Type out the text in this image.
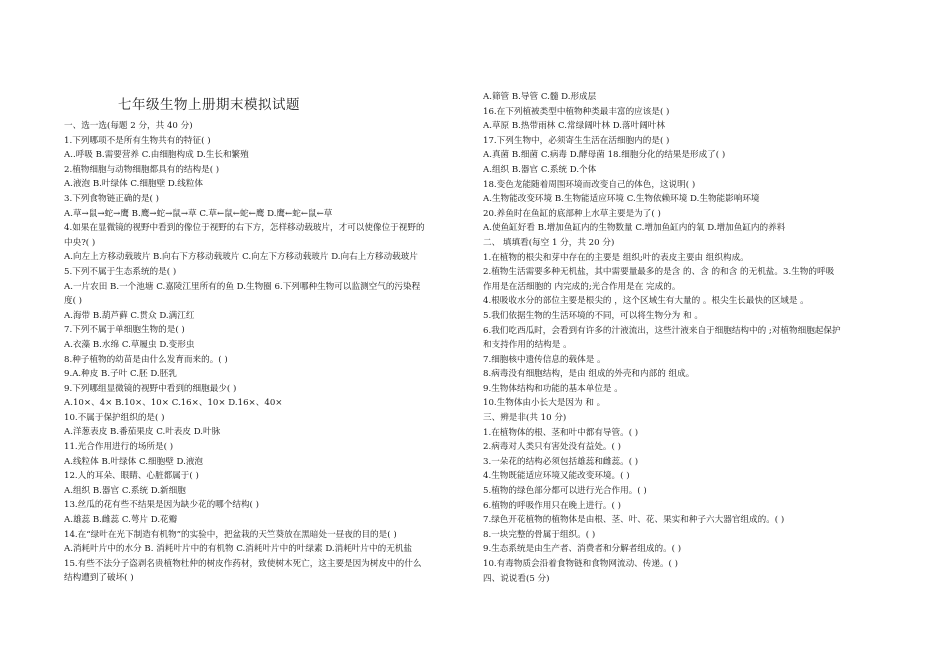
七年级生物上册期末模拟试题
一、选一选(每题 2 分，共 40 分)
1.下列哪项不是所有生物共有的特征( )
A..呼吸 B.需要营养 C.由细胞构成 D.生长和繁殖
2.植物细胞与动物细胞都具有的结构是( )
A.液泡 B.叶绿体 C.细胞壁 D.线粒体
3.下列食物链正确的是( )
A.草→鼠→蛇→鹰 B.鹰→蛇→鼠→草 C.草←鼠←蛇←鹰 D.鹰←蛇←鼠←草
4.如果在显微镜的视野中看到的像位于视野的右下方，怎样移动载玻片，才可以使像位于视野的
中央?( )
A.向左上方移动载玻片 B.向右下方移动载玻片 C.向左下方移动载玻片 D.向右上方移动载玻片
5.下列不属于生态系统的是( )
A.一片农田 B.一个池塘 C.嘉陵江里所有的鱼 D.生物圈 6.下列哪种生物可以监测空气的污染程
度( )
A.海带 B.葫芦藓 C.贯众 D.满江红
7.下列不属于单细胞生物的是( )
A.衣藻 B.水绵 C.草履虫 D.变形虫
8.种子植物的幼苗是由什么发育而来的。( )
9.A.种皮 B.子叶 C.胚 D.胚乳
9.下列哪组显微镜的视野中看到的细胞最少( )
A.10×、4× B.10×、10× C.16×、10× D.16×、40×
10.不属于保护组织的是( )
A.洋葱表皮 B.番茄果皮 C.叶表皮 D.叶脉
11.光合作用进行的场所是( )
A.线粒体 B.叶绿体 C.细胞壁 D.液泡
12.人的耳朵、眼睛、心脏都属于( )
A.组织 B.器官 C.系统 D.新细胞
13.丝瓜的花有些不结果是因为缺少花的哪个结构( )
A.雄蕊 B.雌蕊 C.萼片 D.花瓣
14.在“绿叶在光下制造有机物”的实验中，把盆栽的天竺葵放在黑暗处一昼夜的目的是( )
A.消耗叶片中的水分 B. 消耗叶片中的有机物 C.消耗叶片中的叶绿素 D.消耗叶片中的无机盐
15.有些不法分子盗剥名贵植物杜仲的树皮作药材，致使树木死亡，这主要是因为树皮中的什么
结构遭到了破坏( )
A.筛管 B.导管 C.髓 D.形成层
16.在下列植被类型中植物种类最丰富的应该是( )
A.草原 B.热带雨林 C.常绿阔叶林 D.落叶阔叶林
17.下列生物中，必须寄生生活在活细胞内的是( )
A.真菌 B.细菌 C.病毒 D.酵母菌 18.细胞分化的结果是形成了( )
A.组织 B.器官 C.系统 D.个体
18.变色龙能随着周围环境而改变自己的体色，这说明( )
A.生物能改变环境 B.生物能适应环境 C.生物依赖环境 D.生物能影响环境
20.养鱼时在鱼缸的底部种上水草主要是为了( )
A.使鱼缸好看 B.增加鱼缸内的生物数量 C.增加鱼缸内的氧 D.增加鱼缸内的养料
二、 填填看(每空 1 分，共 20 分)
1.在植物的根尖和芽中存在的主要是 组织;叶的表皮主要由 组织构成。
2.植物生活需要多种无机盐，其中需要量最多的是含 的、含 的和含 的无机盐。3.生物的呼吸
作用是在活细胞的 内完成的;光合作用是在 完成的。
4.根吸收水分的部位主要是根尖的 ，这个区域生有大量的 。根尖生长最快的区域是 。
5.我们依据生物的生活环境的不同，可以将生物分为 和 。
6.我们吃西瓜时，会看到有许多的汁液流出，这些汁液来自于细胞结构中的 ;对植物细胞起保护
和支持作用的结构是 。
7.细胞核中遗传信息的载体是 。
8.病毒没有细胞结构，是由 组成的外壳和内部的 组成。
9.生物体结构和功能的基本单位是 。
10.生物体由小长大是因为 和 。
三、辨是非(共 10 分)
1.在植物体的根、茎和叶中都有导管。( )
2.病毒对人类只有害处没有益处。( )
3.一朵花的结构必须包括雄蕊和雌蕊。( )
4.生物既能适应环境又能改变环境。( )
5.植物的绿色部分都可以进行光合作用。( )
6.植物的呼吸作用只在晚上进行。( )
7.绿色开花植物的植物体是由根、茎、叶、花、果实和种子六大器官组成的。( )
8.一块完整的骨属于组织。( )
9.生态系统是由生产者、消费者和分解者组成的。( )
10.有毒物质会沿着食物链和食物网流动、传递。( )
四、说说看(5 分)
